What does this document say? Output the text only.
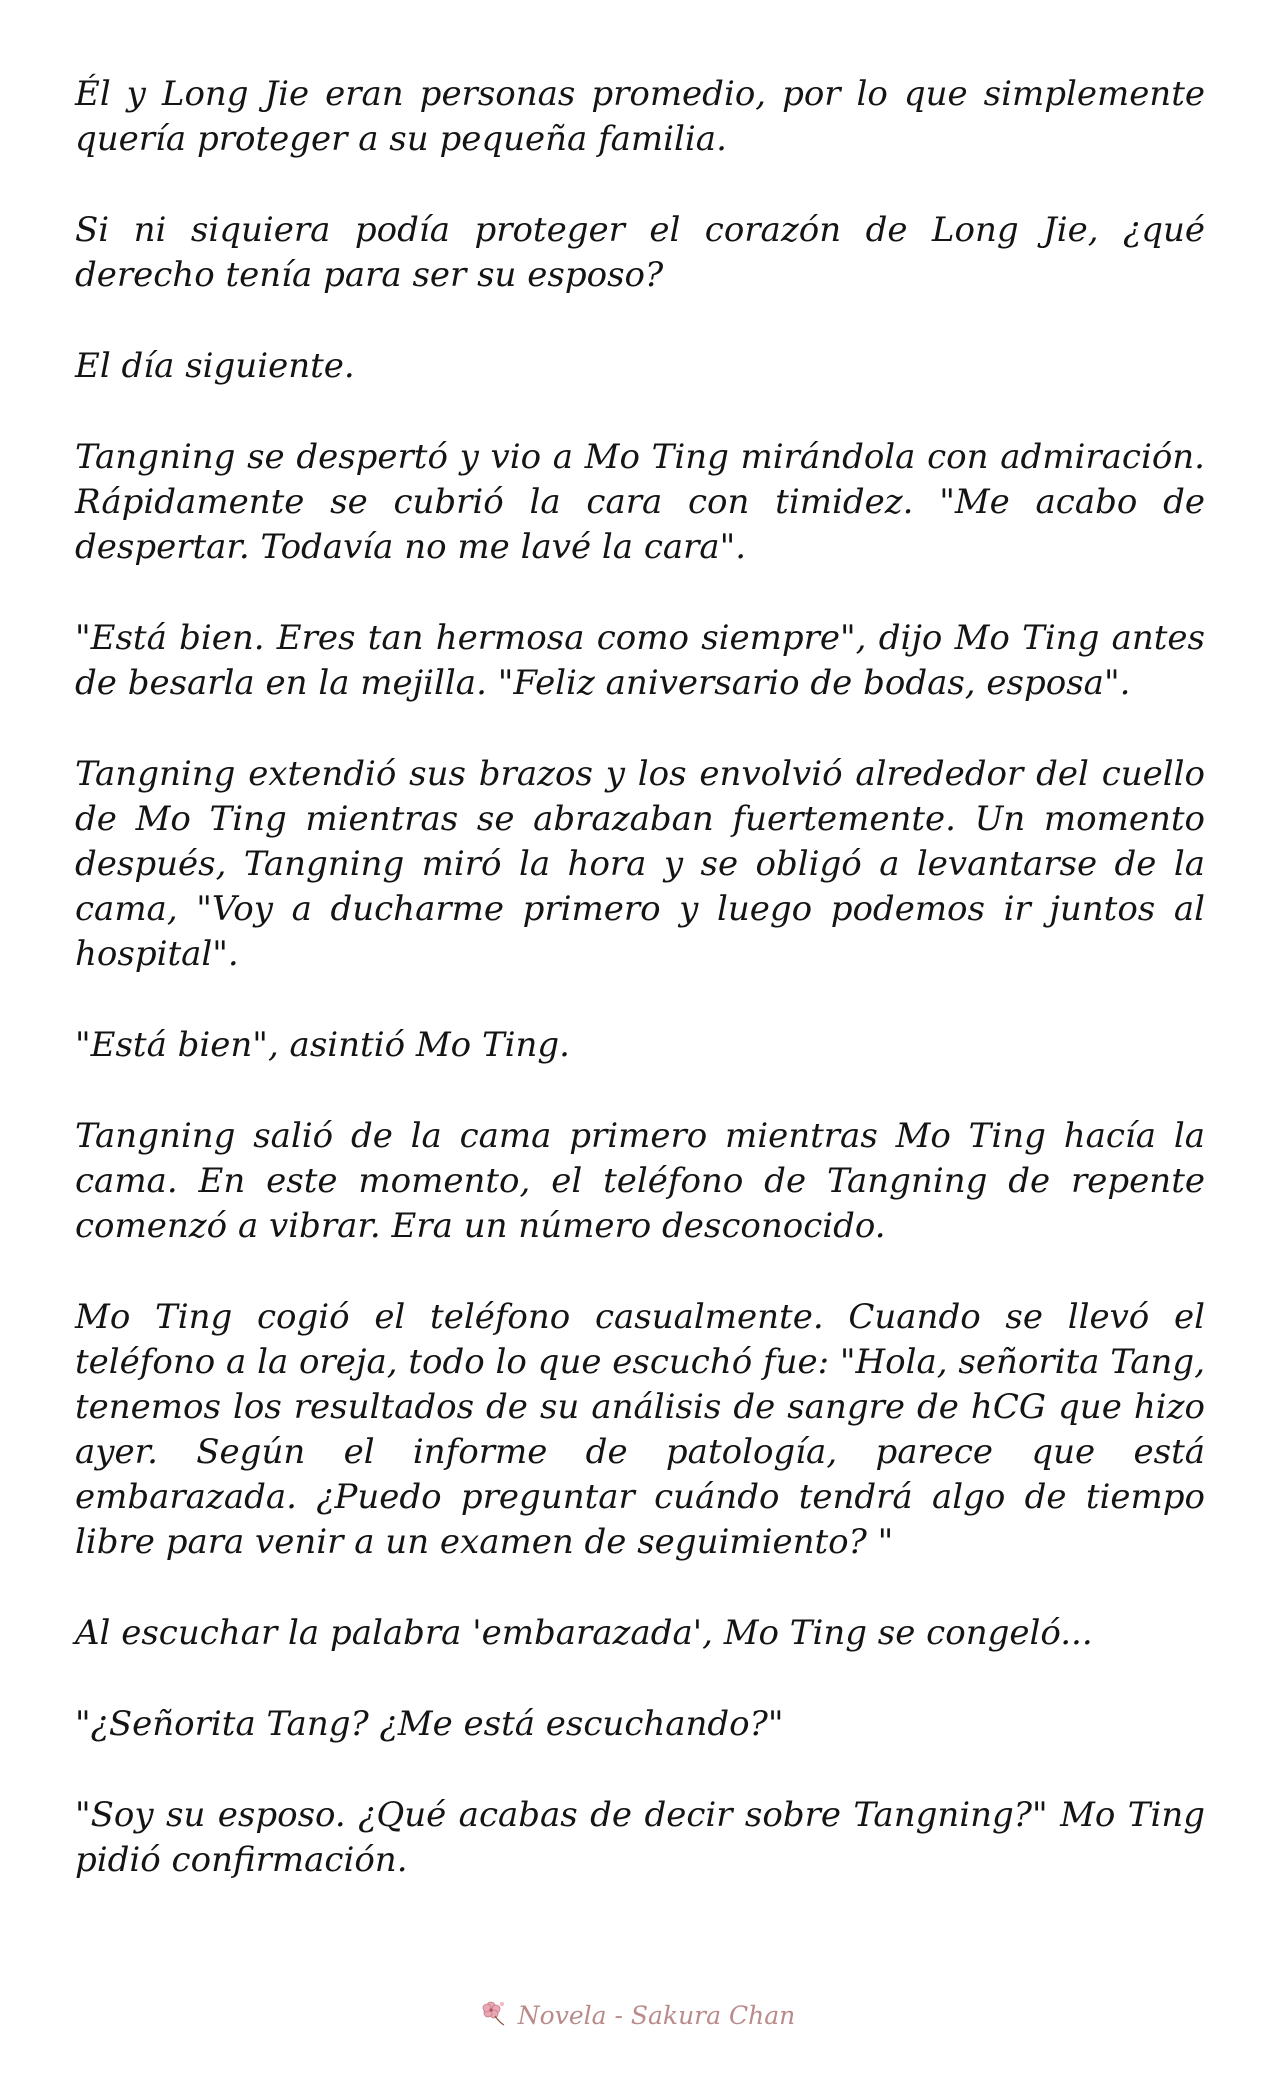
Él y Long Jie eran personas promedio, por lo que simplemente quería proteger a su pequeña familia.

Si ni siquiera podía proteger el corazón de Long Jie, ¿qué derecho tenía para ser su esposo?

El día siguiente.

Tangning se despertó y vio a Mo Ting mirándola con admiración. Rápidamente se cubrió la cara con timidez. "Me acabo de despertar. Todavía no me lavé la cara".

"Está bien. Eres tan hermosa como siempre", dijo Mo Ting antes de besarla en la mejilla. "Feliz aniversario de bodas, esposa".

Tangning extendió sus brazos y los envolvió alrededor del cuello de Mo Ting mientras se abrazaban fuertemente. Un momento después, Tangning miró la hora y se obligó a levantarse de la cama, "Voy a ducharme primero y luego podemos ir juntos al hospital".

"Está bien", asintió Mo Ting.

Tangning salió de la cama primero mientras Mo Ting hacía la cama. En este momento, el teléfono de Tangning de repente comenzó a vibrar. Era un número desconocido.

Mo Ting cogió el teléfono casualmente. Cuando se llevó el teléfono a la oreja, todo lo que escuchó fue: "Hola, señorita Tang, tenemos los resultados de su análisis de sangre de hCG que hizo ayer. Según el informe de patología, parece que está embarazada. ¿Puedo preguntar cuándo tendrá algo de tiempo libre para venir a un examen de seguimiento? "

Al escuchar la palabra 'embarazada', Mo Ting se congeló...

"¿Señorita Tang? ¿Me está escuchando?"

"Soy su esposo. ¿Qué acabas de decir sobre Tangning?" Mo Ting pidió confirmación.

Novela - Sakura Chan
